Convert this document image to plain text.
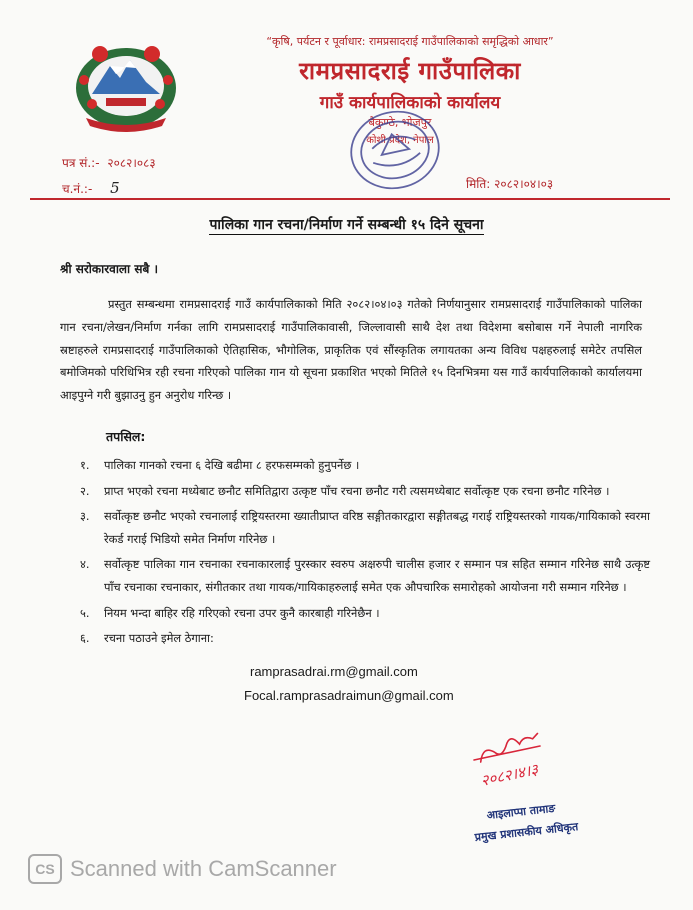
“कृषि, पर्यटन र पूर्वाधार: रामप्रसादराई गाउँपालिकाको समृद्धिको आधार”
रामप्रसादराई गाउँपालिका
गाउँ कार्यपालिकाको कार्यालय
बैकुण्ठे, भोजपुर
कोशी प्रदेश, नेपाल
पत्र सं.:- २०८२।०८३
च.नं.:- 5	मिति: २०८२।०४।०३
पालिका गान रचना/निर्माण गर्ने सम्बन्धी १५ दिने सूचना
श्री सरोकारवाला सबै ।

प्रस्तुत सम्बन्धमा रामप्रसादराई गाउँ कार्यपालिकाको मिति २०८२।०४।०३ गतेको निर्णयानुसार रामप्रसादराई गाउँपालिकाको पालिका गान रचना/लेखन/निर्माण गर्नका लागि रामप्रसादराई गाउँपालिकावासी, जिल्लावासी साथै देश तथा विदेशमा बसोबास गर्ने नेपाली नागरिक स्रष्टाहरुले रामप्रसादराई गाउँपालिकाको ऐतिहासिक, भौगोलिक, प्राकृतिक एवं सौंस्कृतिक लगायतका अन्य विविध पक्षहरुलाई समेटेर तपसिल बमोजिमको परिधिभित्र रही रचना गरिएको पालिका गान यो सूचना प्रकाशित भएको मितिले १५ दिनभित्रमा यस गाउँ कार्यपालिकाको कार्यालयमा आइपुग्ने गरी बुझाउनु हुन अनुरोध गरिन्छ ।

तपसिल:
१. पालिका गानको रचना ६ देखि बढीमा ८ हरफसम्मको हुनुपर्नेछ ।
२. प्राप्त भएको रचना मध्येबाट छनौट समितिद्वारा उत्कृष्ट पाँच रचना छनौट गरी त्यसमध्येबाट सर्वोत्कृष्ट एक रचना छनौट गरिनेछ ।
३. सर्वोत्कृष्ट छनौट भएको रचनालाई राष्ट्रियस्तरमा ख्यातीप्राप्त वरिष्ठ सङ्गीतकारद्वारा सङ्गीतबद्ध गराई राष्ट्रियस्तरको गायक/गायिकाको स्वरमा रेकर्ड गराई भिडियो समेत निर्माण गरिनेछ ।
४. सर्वोत्कृष्ट पालिका गान रचनाका रचनाकारलाई पुरस्कार स्वरुप अक्षरुपी चालीस हजार र सम्मान पत्र सहित सम्मान गरिनेछ साथै उत्कृष्ट पाँच रचनाका रचनाकार, संगीतकार तथा गायक/गायिकाहरुलाई समेत एक औपचारिक समारोहको आयोजना गरी सम्मान गरिनेछ ।
५. नियम भन्दा बाहिर रहि गरिएको रचना उपर कुनै कारबाही गरिनेछैन ।
६. रचना पठाउने इमेल ठेगाना:
ramprasadrai.rm@gmail.com
Focal.ramprasadraimun@gmail.com
२०८२।४।३
आइलाप्पा तामाङ
प्रमुख प्रशासकीय अधिकृत
CS Scanned with CamScanner
